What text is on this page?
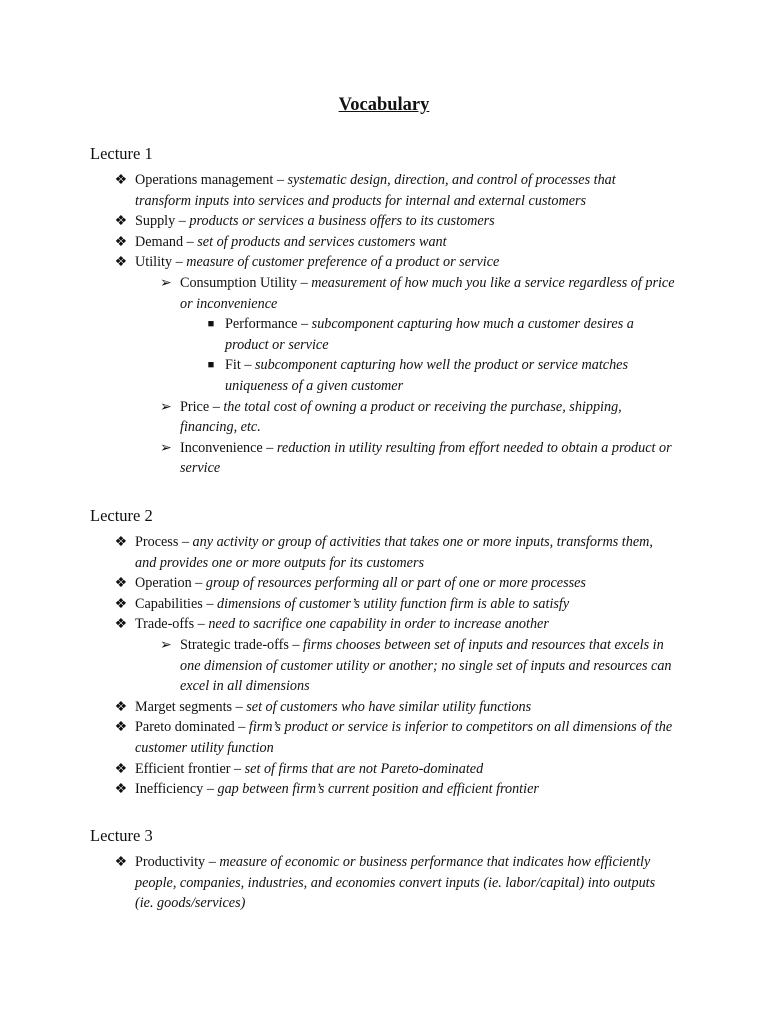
Vocabulary
Lecture 1
❖ Operations management – systematic design, direction, and control of processes that transform inputs into services and products for internal and external customers
❖ Supply – products or services a business offers to its customers
❖ Demand – set of products and services customers want
❖ Utility – measure of customer preference of a product or service
➢ Consumption Utility – measurement of how much you like a service regardless of price or inconvenience
■ Performance – subcomponent capturing how much a customer desires a product or service
■ Fit – subcomponent capturing how well the product or service matches uniqueness of a given customer
➢ Price – the total cost of owning a product or receiving the purchase, shipping, financing, etc.
➢ Inconvenience – reduction in utility resulting from effort needed to obtain a product or service
Lecture 2
❖ Process – any activity or group of activities that takes one or more inputs, transforms them, and provides one or more outputs for its customers
❖ Operation – group of resources performing all or part of one or more processes
❖ Capabilities – dimensions of customer’s utility function firm is able to satisfy
❖ Trade-offs – need to sacrifice one capability in order to increase another
➢ Strategic trade-offs – firms chooses between set of inputs and resources that excels in one dimension of customer utility or another; no single set of inputs and resources can excel in all dimensions
❖ Marget segments – set of customers who have similar utility functions
❖ Pareto dominated – firm’s product or service is inferior to competitors on all dimensions of the customer utility function
❖ Efficient frontier – set of firms that are not Pareto-dominated
❖ Inefficiency – gap between firm’s current position and efficient frontier
Lecture 3
❖ Productivity – measure of economic or business performance that indicates how efficiently people, companies, industries, and economies convert inputs (ie. labor/capital) into outputs (ie. goods/services)
